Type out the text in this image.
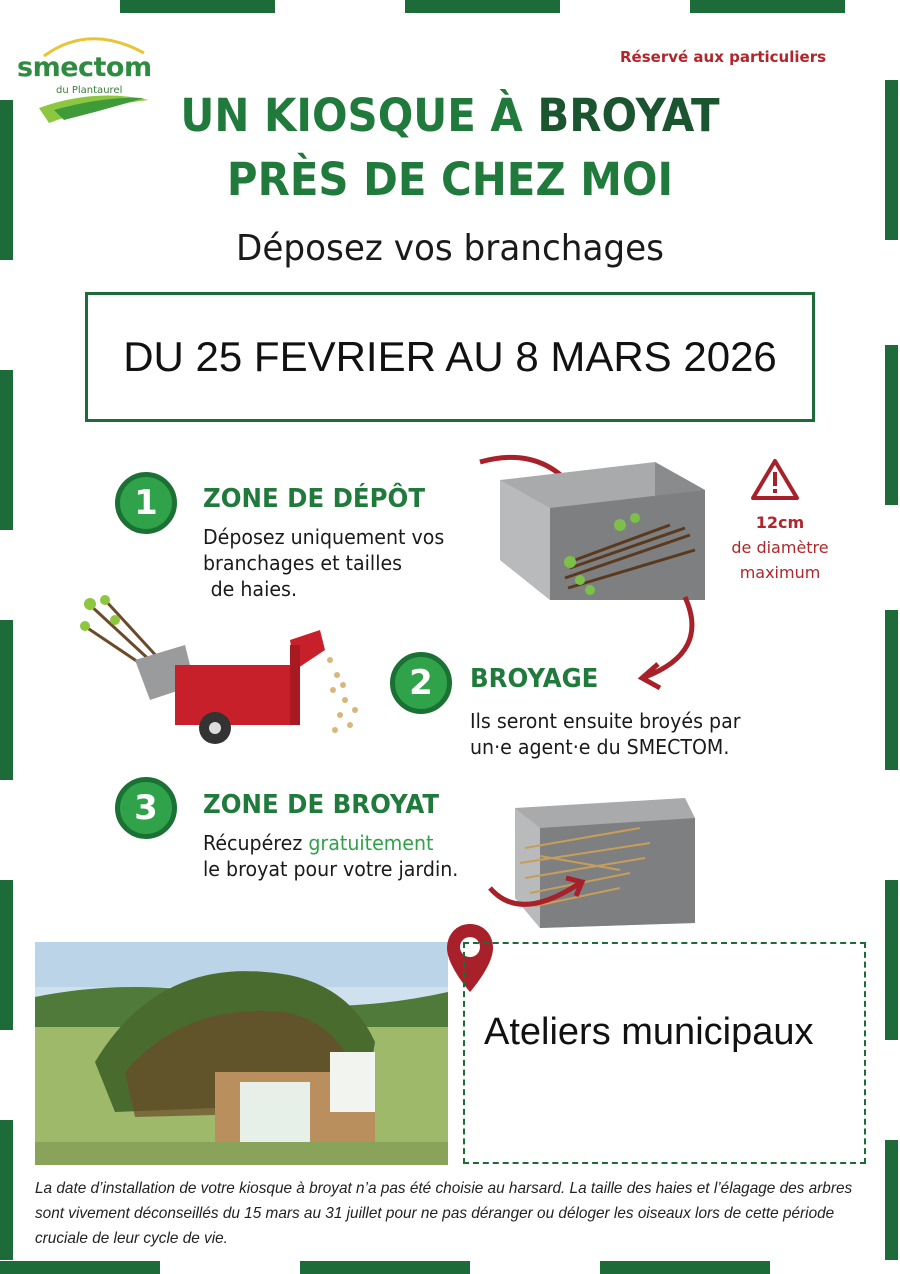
smectom
du Plantaurel
Réservé aux particuliers
UN KIOSQUE À BROYAT
PRÈS DE CHEZ MOI
Déposez vos branchages
DU 25 FEVRIER AU 8 MARS 2026
1	ZONE DE DÉPÔT
Déposez uniquement vos
branchages et tailles
de haies.
12cm
de diamètre
maximum
2	BROYAGE
Ils seront ensuite broyés par
un·e agent·e du SMECTOM.
3	ZONE DE BROYAT
Récupérez gratuitement
le broyat pour votre jardin.
Ateliers municipaux
La date d’installation de votre kiosque à broyat n’a pas été choisie au harsard. La taille des haies et l’élagage des arbres
sont vivement déconseillés du 15 mars au 31 juillet pour ne pas déranger ou déloger les oiseaux lors de cette période
cruciale de leur cycle de vie.
